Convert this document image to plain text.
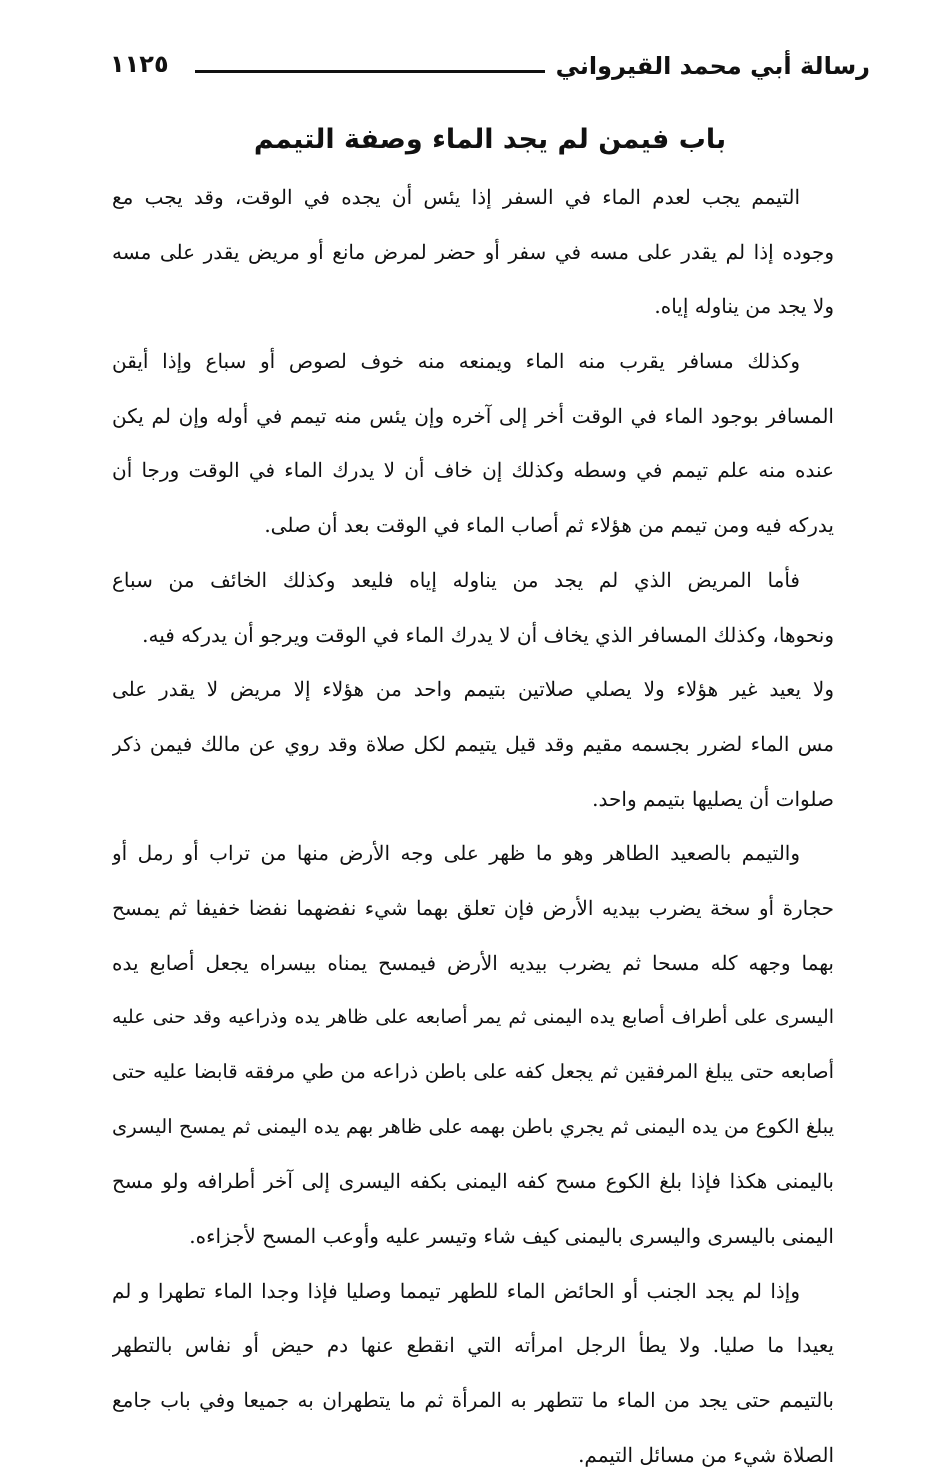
رسالة أبي محمد القيرواني
١١٢٥
باب فيمن لم يجد الماء وصفة التيمم
التيمم يجب لعدم الماء في السفر إذا يئس أن يجده في الوقت، وقد يجب مع
وجوده إذا لم يقدر على مسه في سفر أو حضر لمرض مانع أو مريض يقدر على مسه
ولا يجد من يناوله إياه.
وكذلك مسافر يقرب منه الماء ويمنعه منه خوف لصوص أو سباع وإذا أيقن
المسافر بوجود الماء في الوقت أخر إلى آخره وإن يئس منه تيمم في أوله وإن لم يكن
عنده منه علم تيمم في وسطه وكذلك إن خاف أن لا يدرك الماء في الوقت ورجا أن
يدركه فيه ومن تيمم من هؤلاء ثم أصاب الماء في الوقت بعد أن صلى.
فأما المريض الذي لم يجد من يناوله إياه فليعد وكذلك الخائف من سباع
ونحوها، وكذلك المسافر الذي يخاف أن لا يدرك الماء في الوقت ويرجو أن يدركه فيه.
ولا يعيد غير هؤلاء ولا يصلي صلاتين بتيمم واحد من هؤلاء إلا مريض لا يقدر على
مس الماء لضرر بجسمه مقيم وقد قيل يتيمم لكل صلاة وقد روي عن مالك فيمن ذكر
صلوات أن يصليها بتيمم واحد.
والتيمم بالصعيد الطاهر وهو ما ظهر على وجه الأرض منها من تراب أو رمل أو
حجارة أو سخة يضرب بيديه الأرض فإن تعلق بهما شيء نفضهما نفضا خفيفا ثم يمسح
بهما وجهه كله مسحا ثم يضرب بيديه الأرض فيمسح يمناه بيسراه يجعل أصابع يده
اليسرى على أطراف أصابع يده اليمنى ثم يمر أصابعه على ظاهر يده وذراعيه وقد حنى عليه
أصابعه حتى يبلغ المرفقين ثم يجعل كفه على باطن ذراعه من طي مرفقه قابضا عليه حتى
يبلغ الكوع من يده اليمنى ثم يجري باطن بهمه على ظاهر بهم يده اليمنى ثم يمسح اليسرى
باليمنى هكذا فإذا بلغ الكوع مسح كفه اليمنى بكفه اليسرى إلى آخر أطرافه ولو مسح
اليمنى باليسرى واليسرى باليمنى كيف شاء وتيسر عليه وأوعب المسح لأجزاءه.
وإذا لم يجد الجنب أو الحائض الماء للطهر تيمما وصليا فإذا وجدا الماء تطهرا و لم
يعيدا ما صليا. ولا يطأ الرجل امرأته التي انقطع عنها دم حيض أو نفاس بالتطهر
بالتيمم حتى يجد من الماء ما تتطهر به المرأة ثم ما يتطهران به جميعا وفي باب جامع
الصلاة شيء من مسائل التيمم.
